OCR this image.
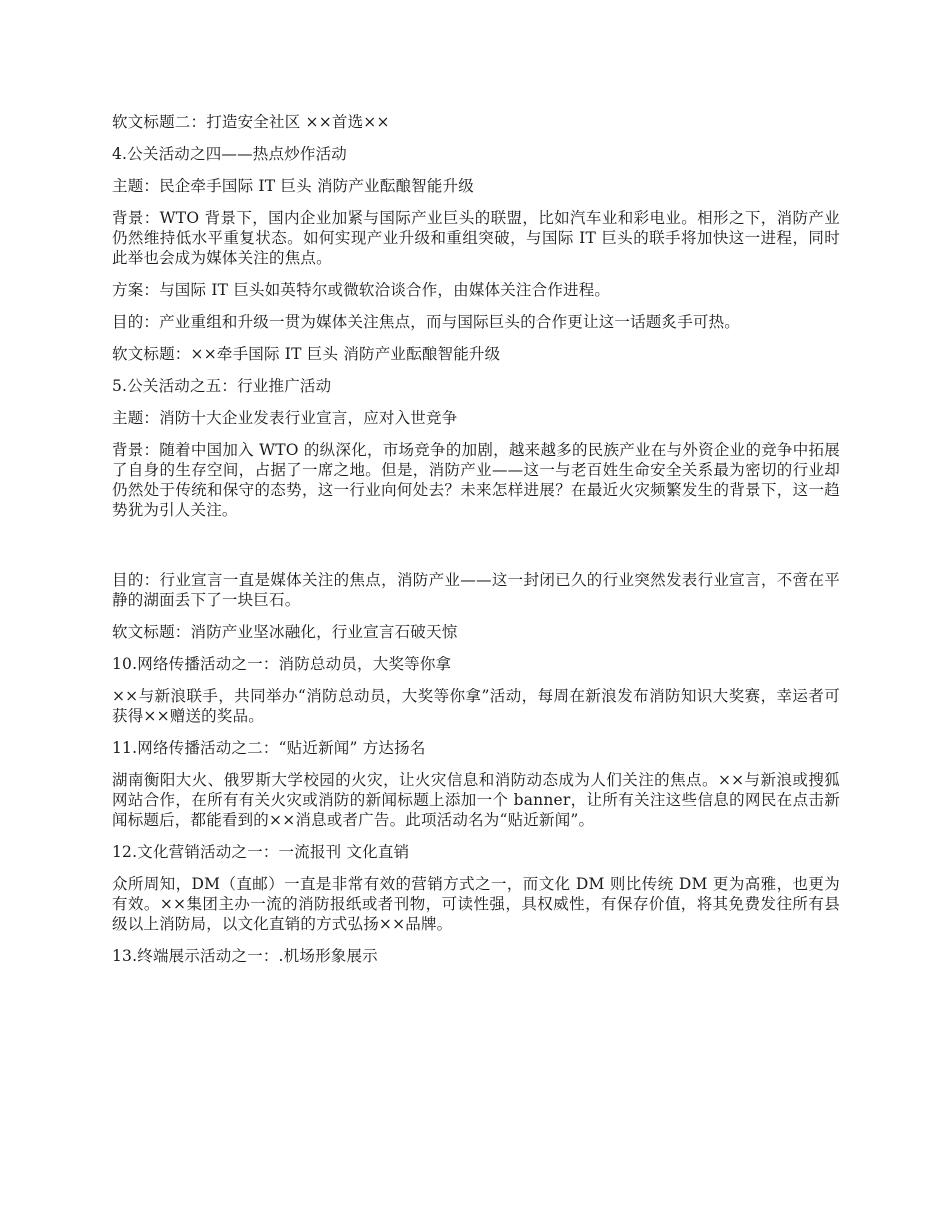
软文标题二：打造安全社区 ××首选××

4.公关活动之四——热点炒作活动

主题：民企牵手国际 IT 巨头 消防产业酝酿智能升级

背景：WTO 背景下，国内企业加紧与国际产业巨头的联盟，比如汽车业和彩电业。相形之下，消防产业仍然维持低水平重复状态。如何实现产业升级和重组突破，与国际 IT 巨头的联手将加快这一进程，同时此举也会成为媒体关注的焦点。

方案：与国际 IT 巨头如英特尔或微软洽谈合作，由媒体关注合作进程。

目的：产业重组和升级一贯为媒体关注焦点，而与国际巨头的合作更让这一话题炙手可热。

软文标题：××牵手国际 IT 巨头 消防产业酝酿智能升级

5.公关活动之五：行业推广活动

主题：消防十大企业发表行业宣言，应对入世竞争

背景：随着中国加入 WTO 的纵深化，市场竞争的加剧，越来越多的民族产业在与外资企业的竞争中拓展了自身的生存空间，占据了一席之地。但是，消防产业——这一与老百姓生命安全关系最为密切的行业却仍然处于传统和保守的态势，这一行业向何处去？未来怎样进展？在最近火灾频繁发生的背景下，这一趋势犹为引人关注。

目的：行业宣言一直是媒体关注的焦点，消防产业——这一封闭已久的行业突然发表行业宣言，不啻在平静的湖面丢下了一块巨石。

软文标题：消防产业坚冰融化，行业宣言石破天惊

10.网络传播活动之一：消防总动员，大奖等你拿

××与新浪联手，共同举办“消防总动员，大奖等你拿”活动，每周在新浪发布消防知识大奖赛，幸运者可获得××赠送的奖品。

11.网络传播活动之二：“贴近新闻” 方达扬名

湖南衡阳大火、俄罗斯大学校园的火灾，让火灾信息和消防动态成为人们关注的焦点。××与新浪或搜狐网站合作，在所有有关火灾或消防的新闻标题上添加一个 banner，让所有关注这些信息的网民在点击新闻标题后，都能看到的××消息或者广告。此项活动名为“贴近新闻”。

12.文化营销活动之一：一流报刊 文化直销

众所周知，DM（直邮）一直是非常有效的营销方式之一，而文化 DM 则比传统 DM 更为高雅，也更为有效。××集团主办一流的消防报纸或者刊物，可读性强，具权威性，有保存价值，将其免费发往所有县级以上消防局，以文化直销的方式弘扬××品牌。

13.终端展示活动之一：.机场形象展示
